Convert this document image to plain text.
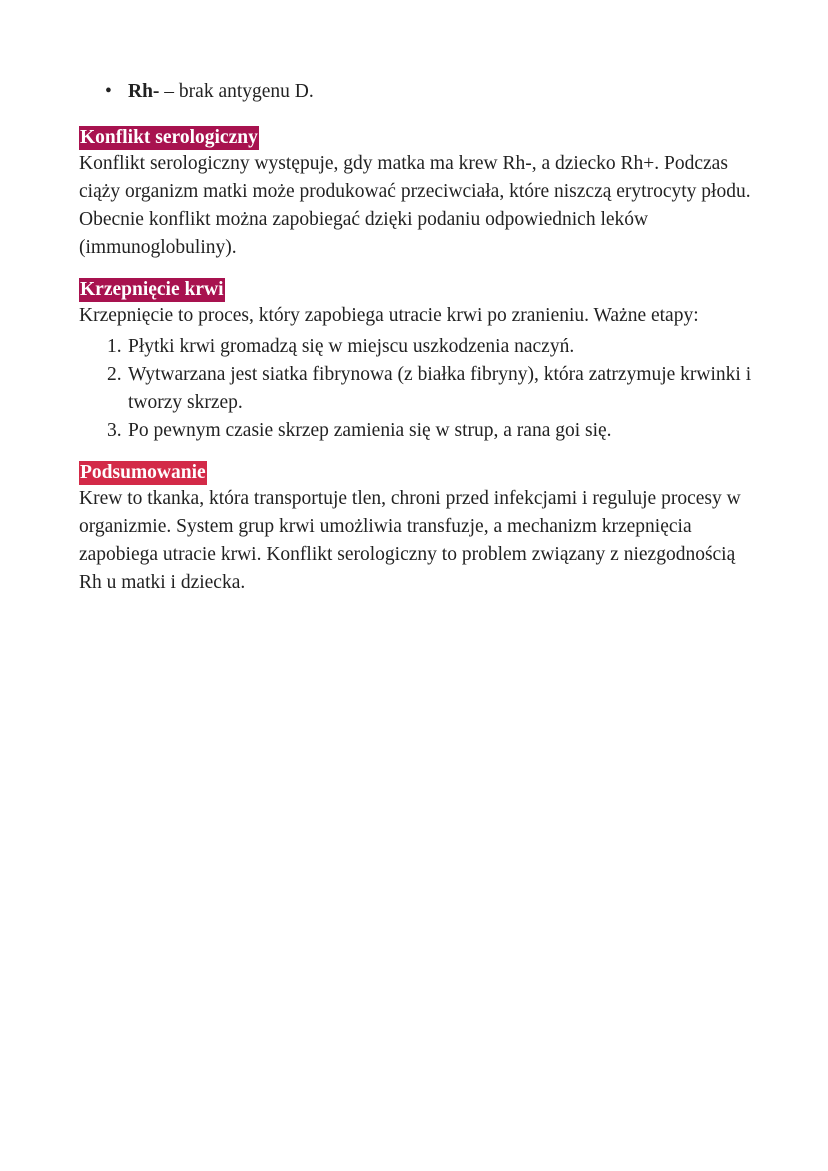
• Rh- – brak antygenu D.
Konflikt serologiczny

Konflikt serologiczny występuje, gdy matka ma krew Rh-, a dziecko Rh+. Podczas ciąży organizm matki może produkować przeciwciała, które niszczą erytrocyty płodu. Obecnie konflikt można zapobiegać dzięki podaniu odpowiednich leków (immunoglobuliny).

Krzepnięcie krwi

Krzepnięcie to proces, który zapobiega utracie krwi po zranieniu. Ważne etapy:

1. Płytki krwi gromadzą się w miejscu uszkodzenia naczyń.
2. Wytwarzana jest siatka fibrynowa (z białka fibryny), która zatrzymuje krwinki i tworzy skrzep.
3. Po pewnym czasie skrzep zamienia się w strup, a rana goi się.
Podsumowanie

Krew to tkanka, która transportuje tlen, chroni przed infekcjami i reguluje procesy w organizmie. System grup krwi umożliwia transfuzje, a mechanizm krzepnięcia zapobiega utracie krwi. Konflikt serologiczny to problem związany z niezgodnością Rh u matki i dziecka.
